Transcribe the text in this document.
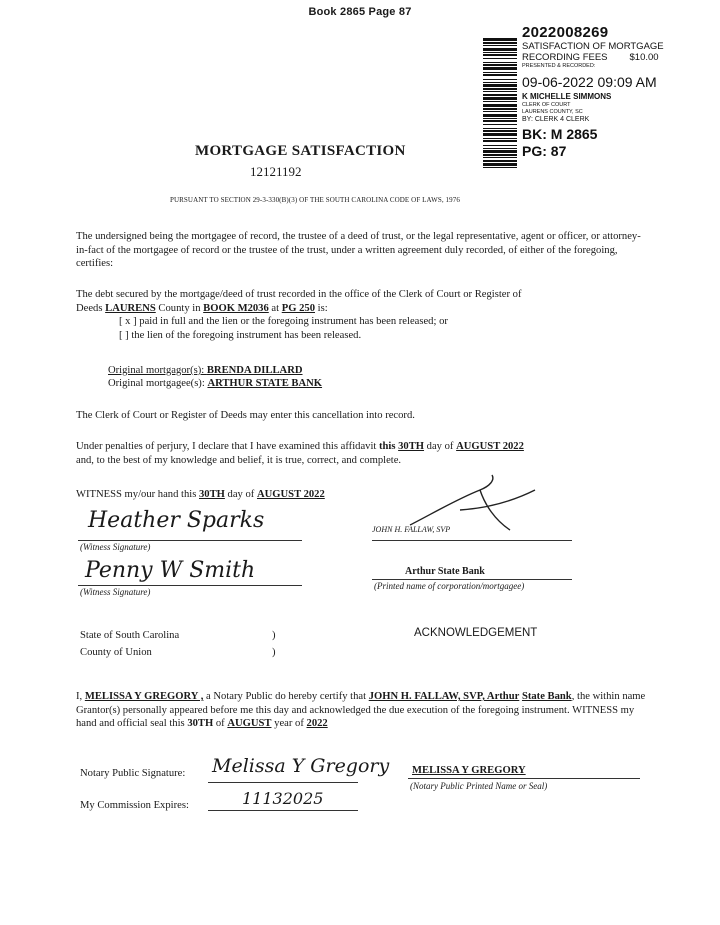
Book 2865 Page 87
2022008269
SATISFACTION OF MORTGAGE
RECORDING FEES $10.00
PRESENTED & RECORDED:
09-06-2022 09:09 AM
K MICHELLE SIMMONS
CLERK OF COURT
LAURENS COUNTY, SC
BY: CLERK 4 CLERK
BK: M 2865
PG: 87
MORTGAGE SATISFACTION
12121192
PURSUANT TO SECTION 29-3-330(B)(3) OF THE SOUTH CAROLINA CODE OF LAWS, 1976
The undersigned being the mortgagee of record, the trustee of a deed of trust, or the legal representative, agent or officer, or attorney-in-fact of the mortgagee of record or the trustee of the trust, under a written agreement duly recorded, of either of the foregoing, certifies:
The debt secured by the mortgage/deed of trust recorded in the office of the Clerk of Court or Register of
Deeds LAURENS County in BOOK M2036 at PG 250 is:
[ x ] paid in full and the lien or the foregoing instrument has been released; or
[ ] the lien of the foregoing instrument has been released.
Original mortgagor(s): BRENDA DILLARD
Original mortgagee(s): ARTHUR STATE BANK
The Clerk of Court or Register of Deeds may enter this cancellation into record.
Under penalties of perjury, I declare that I have examined this affidavit this 30TH day of AUGUST 2022
and, to the best of my knowledge and belief, it is true, correct, and complete.
WITNESS my/our hand this 30TH day of AUGUST 2022
Heather Sparks
(Witness Signature)
JOHN H. FALLAW, SVP
Penny W Smith
(Witness Signature)
Arthur State Bank
(Printed name of corporation/mortgagee)
State of South Carolina
County of Union
)
)
ACKNOWLEDGEMENT
I, MELISSA Y GREGORY , a Notary Public do hereby certify that JOHN H. FALLAW, SVP, Arthur State Bank, the within name Grantor(s) personally appeared before me this day and acknowledged the due execution of the foregoing instrument. WITNESS my hand and official seal this 30TH of AUGUST year of 2022
Notary Public Signature: Melissa Y Gregory
My Commission Expires:	11132025
MELISSA Y GREGORY
(Notary Public Printed Name or Seal)
